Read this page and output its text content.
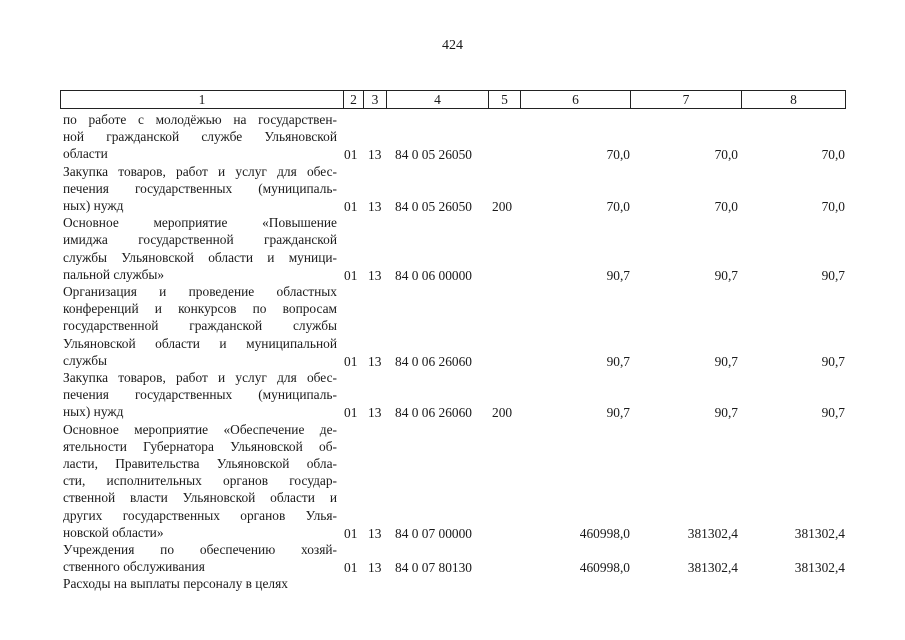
424
1	2	3	4	5	6	7	8
по работе с молодёжью на государствен-
ной гражданской службе Ульяновской
области	01 13 84 0 05 26050	70,0	70,0	70,0
Закупка товаров, работ и услуг для обес-
печения государственных (муниципаль-
ных) нужд	01 13 84 0 05 26050 200	70,0	70,0	70,0
Основное мероприятие «Повышение
имиджа государственной гражданской
службы Ульяновской области и муници-
пальной службы»	01 13 84 0 06 00000	90,7	90,7	90,7
Организация и проведение областных
конференций и конкурсов по вопросам
государственной гражданской службы
Ульяновской области и муниципальной
службы	01 13 84 0 06 26060	90,7	90,7	90,7
Закупка товаров, работ и услуг для обес-
печения государственных (муниципаль-
ных) нужд	01 13 84 0 06 26060 200	90,7	90,7	90,7
Основное мероприятие «Обеспечение де-
ятельности Губернатора Ульяновской об-
ласти, Правительства Ульяновской обла-
сти, исполнительных органов государ-
ственной власти Ульяновской области и
других государственных органов Улья-
новской области»	01 13 84 0 07 00000	460998,0	381302,4	381302,4
Учреждения по обеспечению хозяй-
ственного обслуживания	01 13 84 0 07 80130	460998,0	381302,4	381302,4
Расходы на выплаты персоналу в целях
